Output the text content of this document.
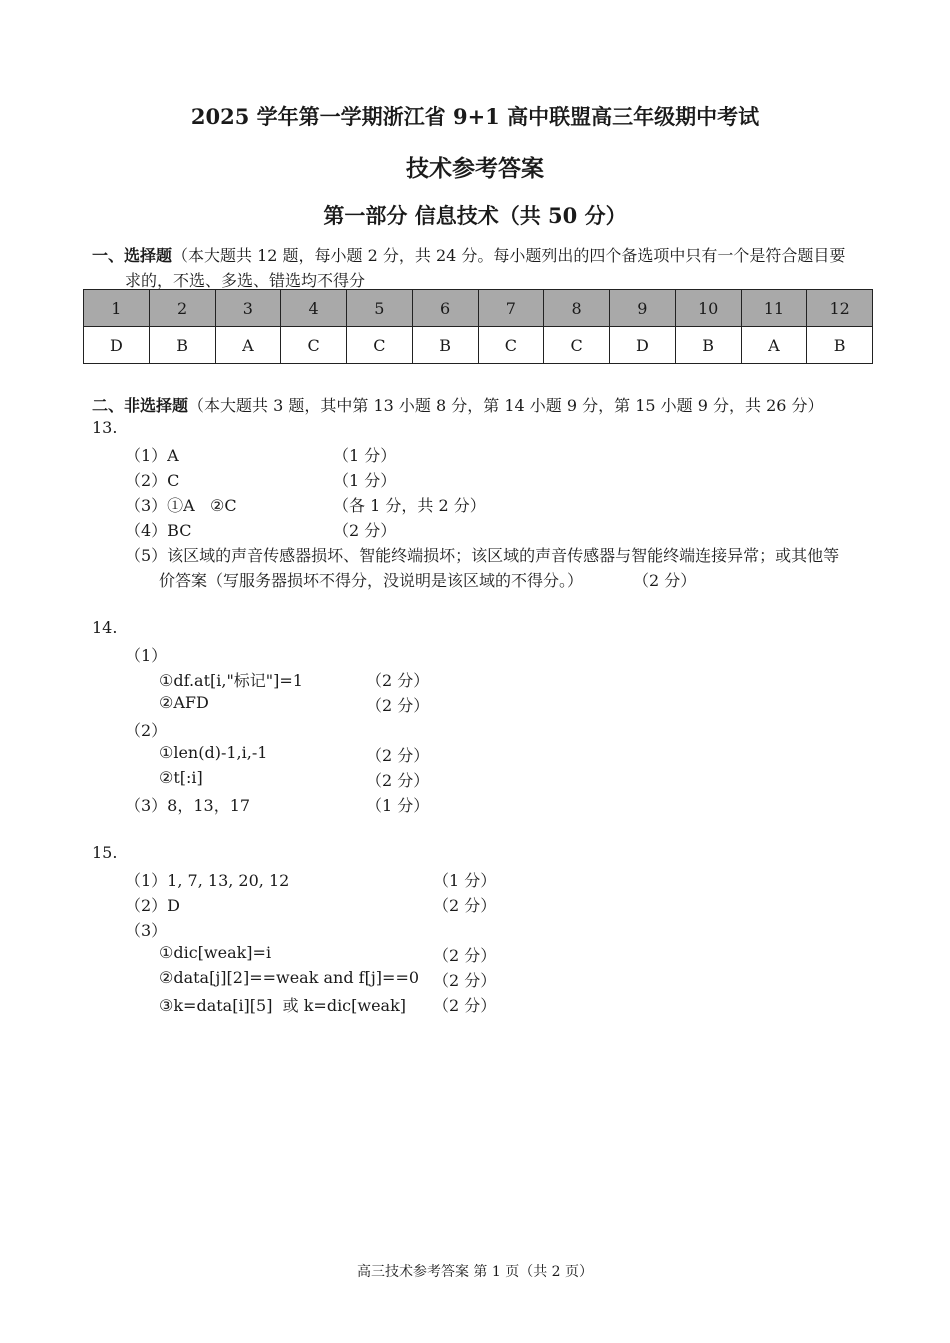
2025 学年第一学期浙江省 9+1 高中联盟高三年级期中考试
技术参考答案
第一部分 信息技术（共 50 分）
一、选择题（本大题共 12 题，每小题 2 分，共 24 分。每小题列出的四个备选项中只有一个是符合题目要
求的，不选、多选、错选均不得分
1	2	3	4	5	6	7	8	9	10	11	12
D	B	A	C	C	B	C	C	D	B	A	B
二、非选择题（本大题共 3 题，其中第 13 小题 8 分，第 14 小题 9 分，第 15 小题 9 分，共 26 分）
13.
（1）A	（1 分）
（2）C	（1 分）
（3）①A   ②C	（各 1 分，共 2 分）
（4）BC	（2 分）
（5）该区域的声音传感器损坏、智能终端损坏；该区域的声音传感器与智能终端连接异常；或其他等
价答案（写服务器损坏不得分，没说明是该区域的不得分。）	（2 分）
14.
（1）
①df.at[i,"标记"]=1	（2 分）
②AFD	（2 分）
（2）
①len(d)-1,i,-1	（2 分）
②t[:i]	（2 分）
（3）8，13，17	（1 分）
15.
（1）1, 7, 13, 20, 12	（1 分）
（2）D	（2 分）
（3）
①dic[weak]=i	（2 分）
②data[j][2]==weak and f[j]==0 （2 分）
③k=data[i][5]  或 k=dic[weak] （2 分）
高三技术参考答案 第 1 页（共 2 页）
